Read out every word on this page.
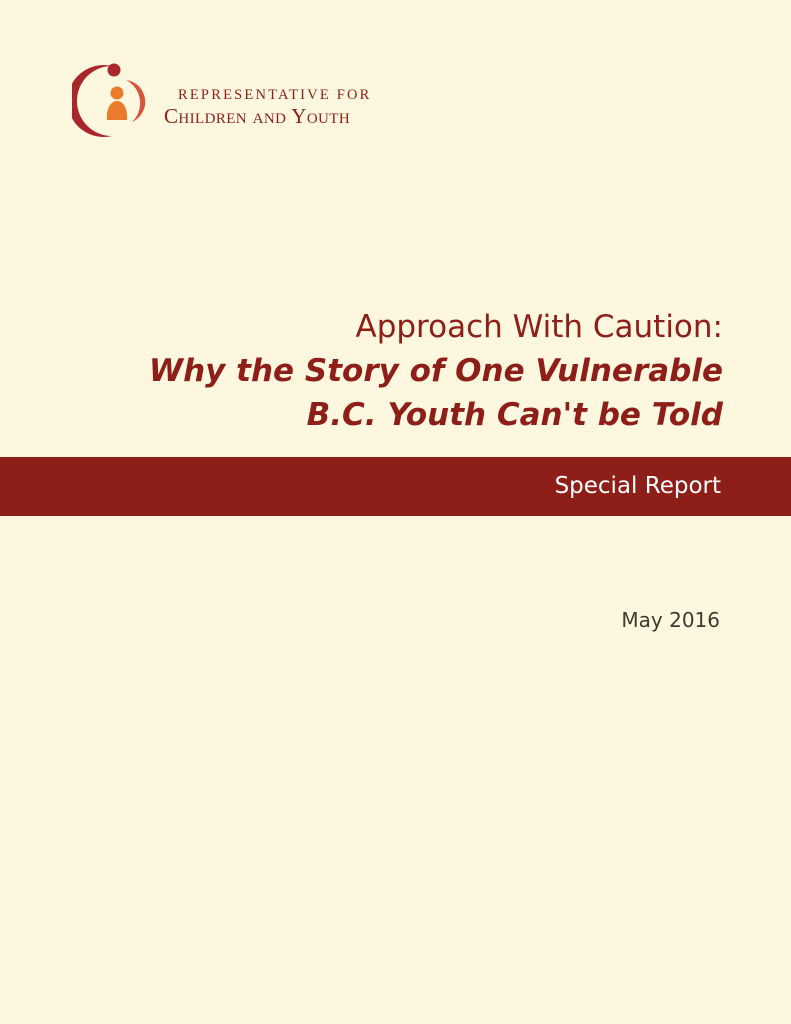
REPRESENTATIVE FOR
Children and Youth

Approach With Caution:

Why the Story of One Vulnerable

B.C. Youth Can't be Told

Special Report
May 2016
